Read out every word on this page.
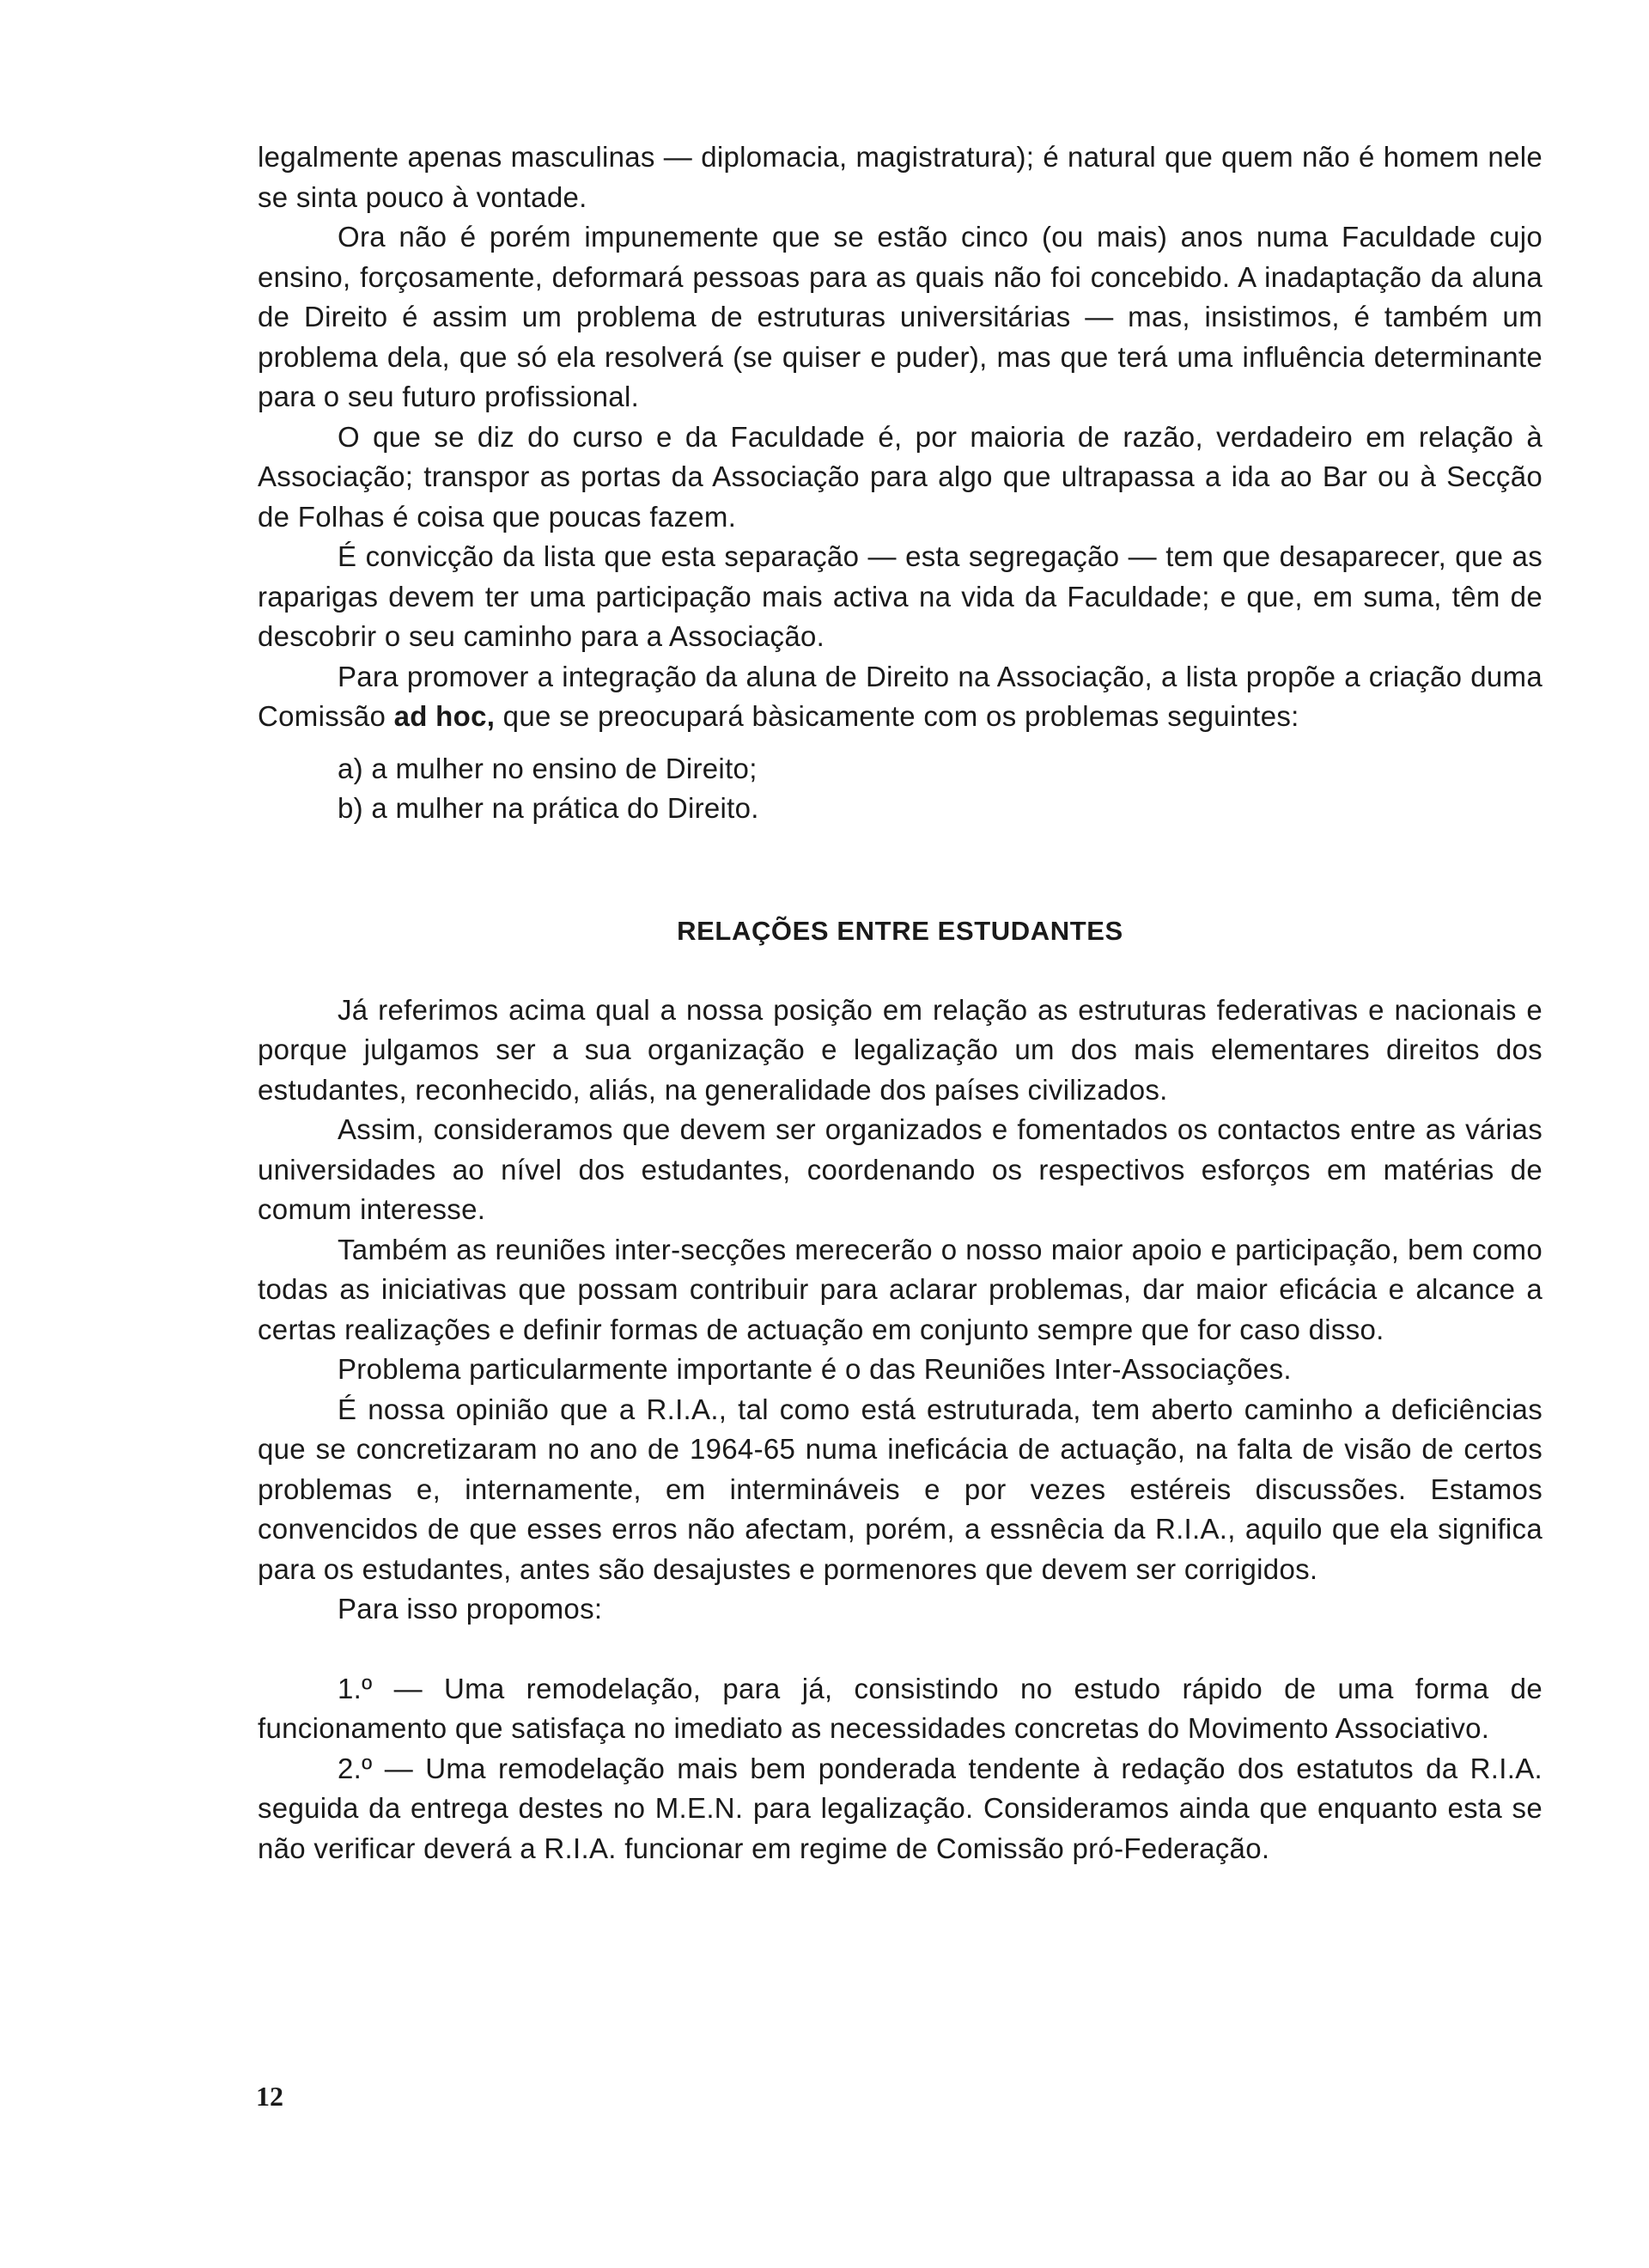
legalmente apenas masculinas — diplomacia, magistratura); é natural que quem não é homem nele se sinta pouco à vontade.

Ora não é porém impunemente que se estão cinco (ou mais) anos numa Faculdade cujo ensino, forçosamente, deformará pessoas para as quais não foi concebido. A inadaptação da aluna de Direito é assim um problema de estruturas universitárias — mas, insistimos, é também um problema dela, que só ela resolverá (se quiser e puder), mas que terá uma influência determinante para o seu futuro profissional.

O que se diz do curso e da Faculdade é, por maioria de razão, verdadeiro em relação à Associação; transpor as portas da Associação para algo que ultrapassa a ida ao Bar ou à Secção de Folhas é coisa que poucas fazem.

É convicção da lista que esta separação — esta segregação — tem que desaparecer, que as raparigas devem ter uma participação mais activa na vida da Faculdade; e que, em suma, têm de descobrir o seu caminho para a Associação.

Para promover a integração da aluna de Direito na Associação, a lista propõe a criação duma Comissão ad hoc, que se preocupará bàsicamente com os problemas seguintes:

a) a mulher no ensino de Direito;

b) a mulher na prática do Direito.

RELAÇÕES ENTRE ESTUDANTES

Já referimos acima qual a nossa posição em relação as estruturas federativas e nacionais e porque julgamos ser a sua organização e legalização um dos mais elementares direitos dos estudantes, reconhecido, aliás, na generalidade dos países civilizados.

Assim, consideramos que devem ser organizados e fomentados os contactos entre as várias universidades ao nível dos estudantes, coordenando os respectivos esforços em matérias de comum interesse.

Também as reuniões inter-secções merecerão o nosso maior apoio e participação, bem como todas as iniciativas que possam contribuir para aclarar problemas, dar maior eficácia e alcance a certas realizações e definir formas de actuação em conjunto sempre que for caso disso.

Problema particularmente importante é o das Reuniões Inter-Associações.

É nossa opinião que a R.I.A., tal como está estruturada, tem aberto caminho a deficiências que se concretizaram no ano de 1964-65 numa ineficácia de actuação, na falta de visão de certos problemas e, internamente, em intermináveis e por vezes estéreis discussões. Estamos convencidos de que esses erros não afectam, porém, a essnêcia da R.I.A., aquilo que ela significa para os estudantes, antes são desajustes e pormenores que devem ser corrigidos.

Para isso propomos:

1.º — Uma remodelação, para já, consistindo no estudo rápido de uma forma de funcionamento que satisfaça no imediato as necessidades concretas do Movimento Associativo.

2.º — Uma remodelação mais bem ponderada tendente à redação dos estatutos da R.I.A. seguida da entrega destes no M.E.N. para legalização. Consideramos ainda que enquanto esta se não verificar deverá a R.I.A. funcionar em regime de Comissão pró-Federação.

12
